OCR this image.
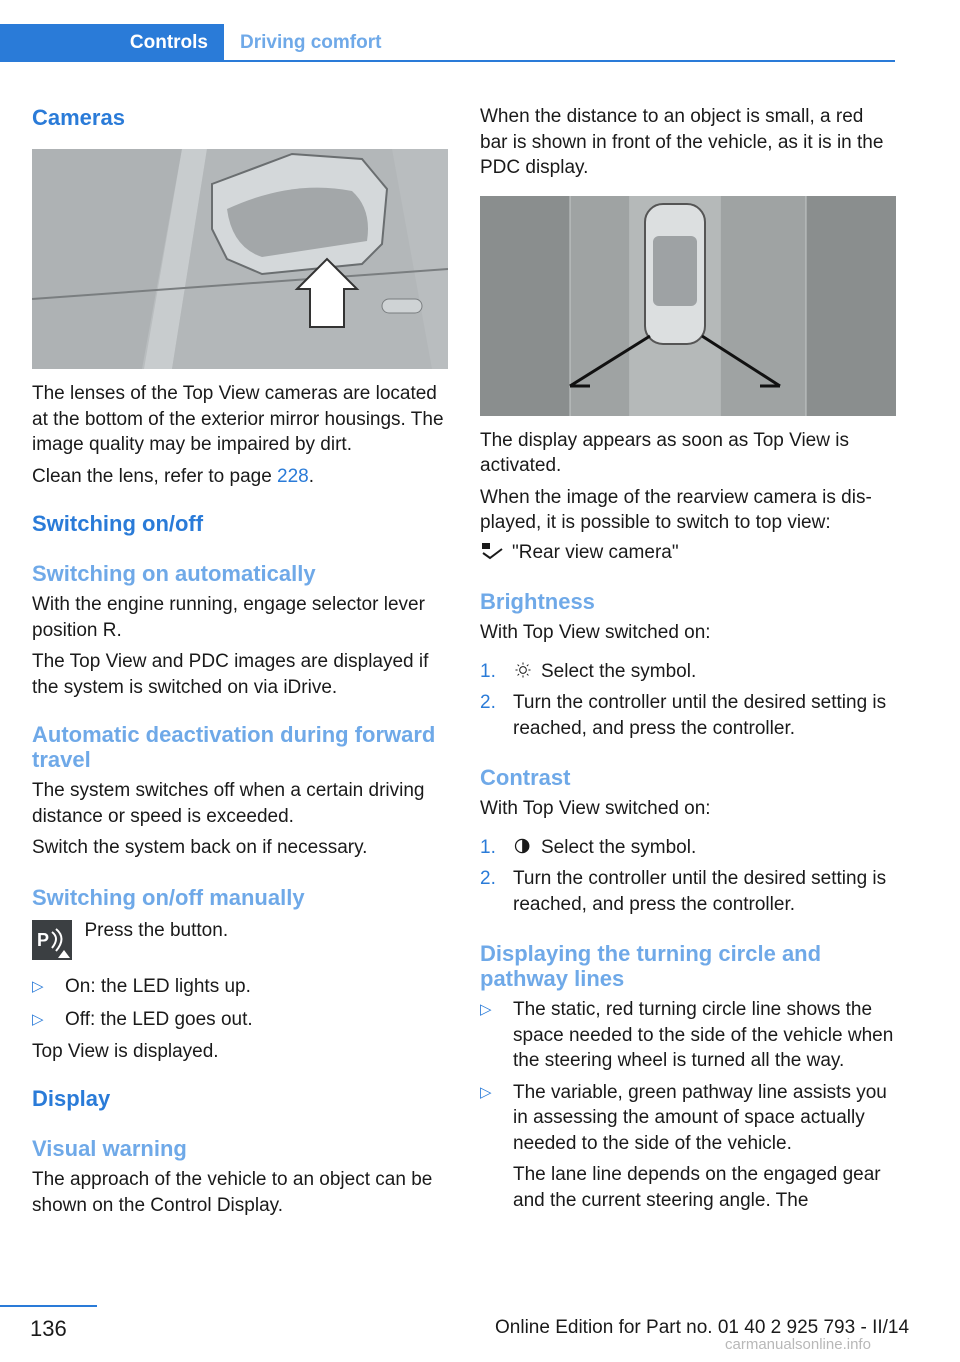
Controls	Driving comfort
Cameras

The lenses of the Top View cameras are located at the bottom of the exterior mirror housings. The image quality may be impaired by dirt.

Clean the lens, refer to page 228.

Switching on/off
Switching on automatically

With the engine running, engage selector lever position R.

The Top View and PDC images are displayed if the system is switched on via iDrive.

Automatic deactivation during forward travel

The system switches off when a certain driving distance or speed is exceeded.

Switch the system back on if necessary.

Switching on/off manually
P Press the button.
▷ On: the LED lights up.
▷ Off: the LED goes out.

Top View is displayed.

Display
Visual warning

The approach of the vehicle to an object can be shown on the Control Display.

When the distance to an object is small, a red bar is shown in front of the vehicle, as it is in the PDC display.

The display appears as soon as Top View is activated.

When the image of the rearview camera is displayed, it is possible to switch to top view:

"Rear view camera"
Brightness

With Top View switched on:

1. Select the symbol.
2. Turn the controller until the desired setting is reached, and press the controller.
Contrast

With Top View switched on:

1. Select the symbol.
2. Turn the controller until the desired setting is reached, and press the controller.
Displaying the turning circle and pathway lines
▷ The static, red turning circle line shows the space needed to the side of the vehicle when the steering wheel is turned all the way.
▷ The variable, green pathway line assists you in assessing the amount of space actually needed to the side of the vehicle.

The lane line depends on the engaged gear and the current steering angle. The

136	Online Edition for Part no. 01 40 2 925 793 - II/14
carmanualsonline.info
